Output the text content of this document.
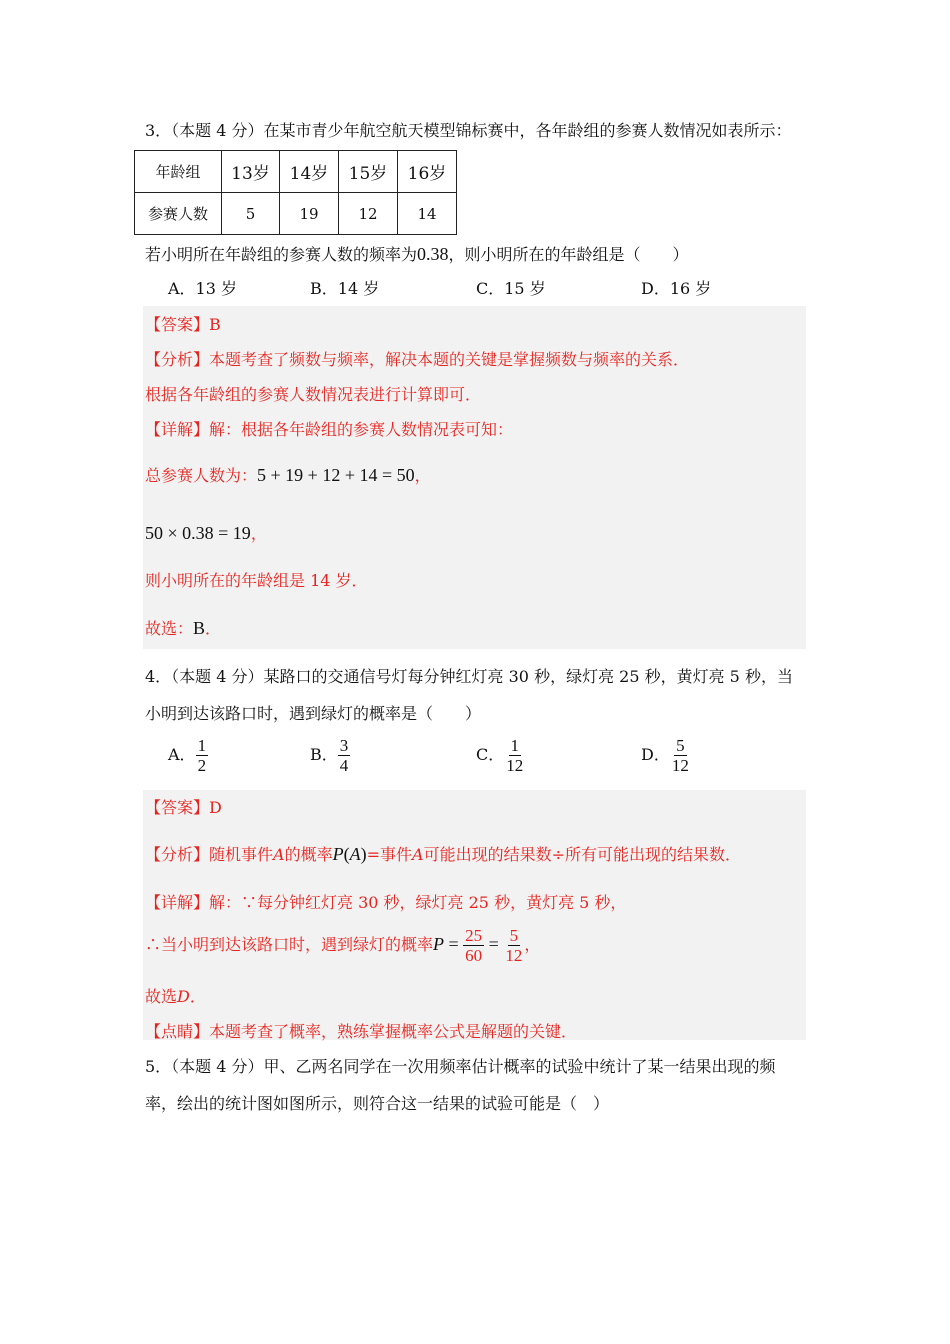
3．（本题 4 分）在某市青少年航空航天模型锦标赛中，各年龄组的参赛人数情况如表所示：
年龄组	13岁	14岁	15岁	16岁
参赛人数	5	19	12	14
若小明所在年龄组的参赛人数的频率为0.38，则小明所在的年龄组是（　　）
A．13 岁	B．14 岁	C．15 岁	D．16 岁
【答案】B
【分析】本题考查了频数与频率，解决本题的关键是掌握频数与频率的关系．
根据各年龄组的参赛人数情况表进行计算即可．
【详解】解：根据各年龄组的参赛人数情况表可知：
总参赛人数为：5 + 19 + 12 + 14 = 50，
50 × 0.38 = 19，
则小明所在的年龄组是 14 岁．
故选：B．
4．（本题 4 分）某路口的交通信号灯每分钟红灯亮 30 秒，绿灯亮 25 秒，黄灯亮 5 秒，当
小明到达该路口时，遇到绿灯的概率是（　　）
A． $\frac{1}{2}$	B． $\frac{3}{4}$	C． $\frac{1}{12}$	D． $\frac{5}{12}$
【答案】D
【分析】随机事件A的概率P(A)=事件A可能出现的结果数÷所有可能出现的结果数．
【详解】解：∵每分钟红灯亮 30 秒，绿灯亮 25 秒，黄灯亮 5 秒，
∴当小明到达该路口时，遇到绿灯的概率$P = \frac{25}{60} = \frac{5}{12}$ ，
故选D．
【点睛】本题考查了概率，熟练掌握概率公式是解题的关键．
5．（本题 4 分）甲、乙两名同学在一次用频率估计概率的试验中统计了某一结果出现的频
率，绘出的统计图如图所示，则符合这一结果的试验可能是（　）
